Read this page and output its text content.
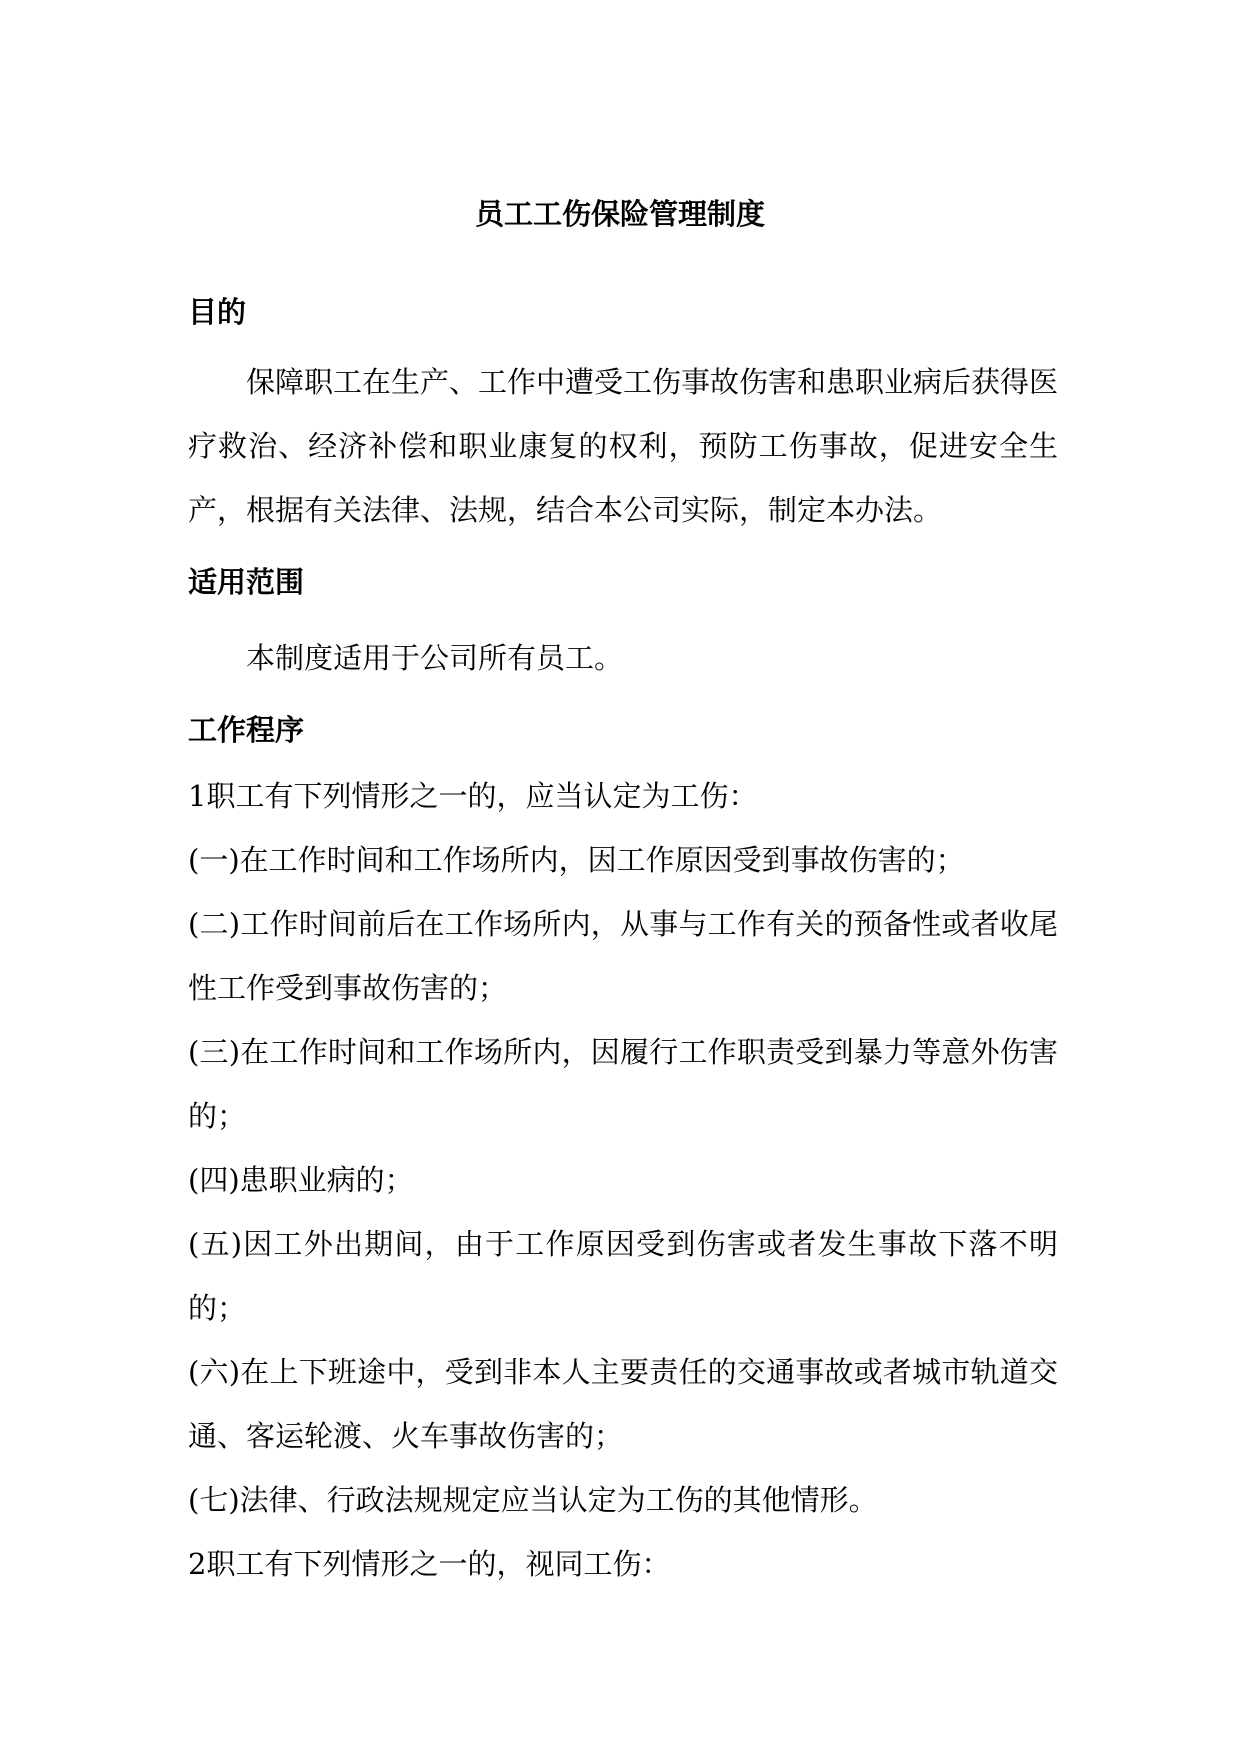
员工工伤保险管理制度
目的

保障职工在生产、工作中遭受工伤事故伤害和患职业病后获得医疗救治、经济补偿和职业康复的权利，预防工伤事故，促进安全生产，根据有关法律、法规，结合本公司实际，制定本办法。

适用范围

本制度适用于公司所有员工。

工作程序

1职工有下列情形之一的，应当认定为工伤：

(一)在工作时间和工作场所内，因工作原因受到事故伤害的；

(二)工作时间前后在工作场所内，从事与工作有关的预备性或者收尾性工作受到事故伤害的；

(三)在工作时间和工作场所内，因履行工作职责受到暴力等意外伤害的；

(四)患职业病的；

(五)因工外出期间，由于工作原因受到伤害或者发生事故下落不明的；

(六)在上下班途中，受到非本人主要责任的交通事故或者城市轨道交通、客运轮渡、火车事故伤害的；

(七)法律、行政法规规定应当认定为工伤的其他情形。

2职工有下列情形之一的，视同工伤：
